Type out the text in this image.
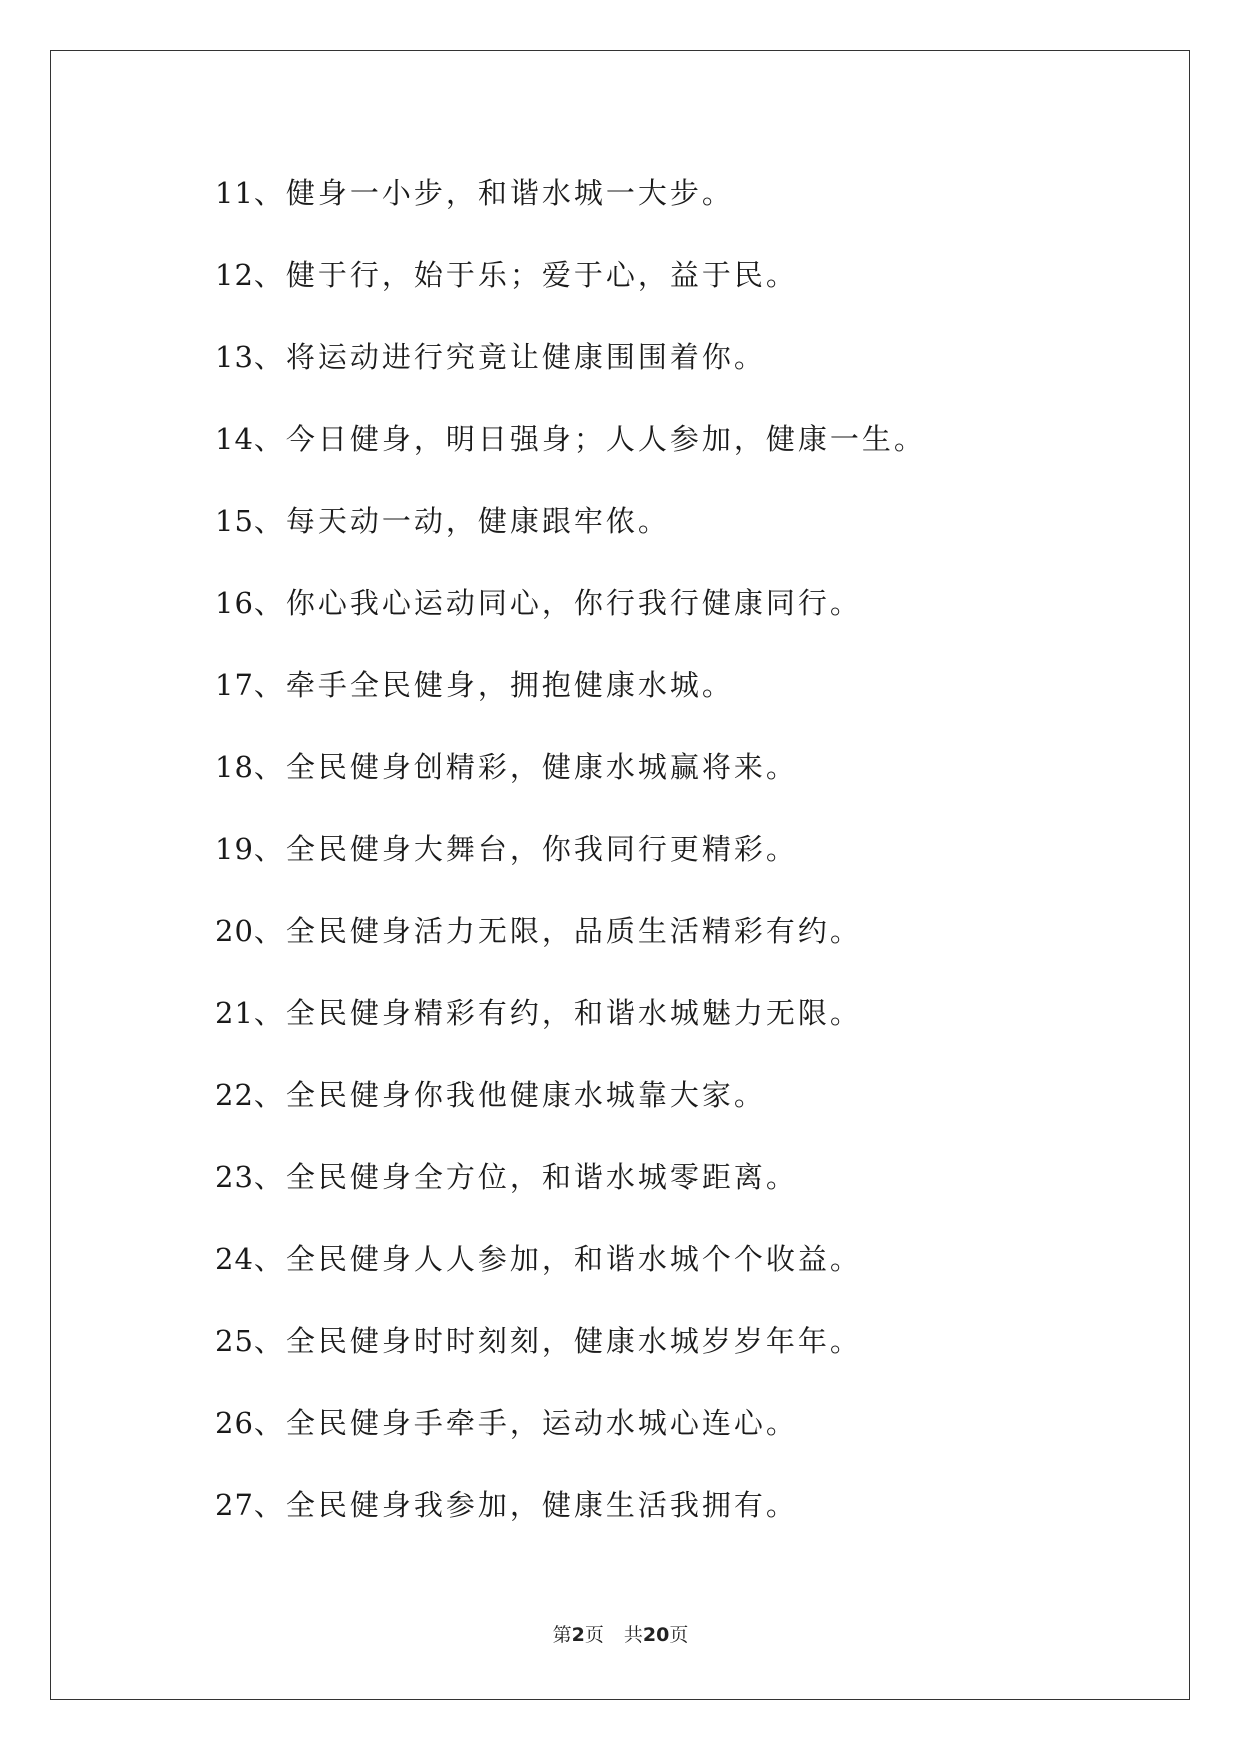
11、健身一小步，和谐水城一大步。
12、健于行，始于乐；爱于心，益于民。
13、将运动进行究竟让健康围围着你。
14、今日健身，明日强身；人人参加，健康一生。
15、每天动一动，健康跟牢侬。
16、你心我心运动同心，你行我行健康同行。
17、牵手全民健身，拥抱健康水城。
18、全民健身创精彩，健康水城赢将来。
19、全民健身大舞台，你我同行更精彩。
20、全民健身活力无限，品质生活精彩有约。
21、全民健身精彩有约，和谐水城魅力无限。
22、全民健身你我他健康水城靠大家。
23、全民健身全方位，和谐水城零距离。
24、全民健身人人参加，和谐水城个个收益。
25、全民健身时时刻刻，健康水城岁岁年年。
26、全民健身手牵手，运动水城心连心。
27、全民健身我参加，健康生活我拥有。
第2页 共20页
